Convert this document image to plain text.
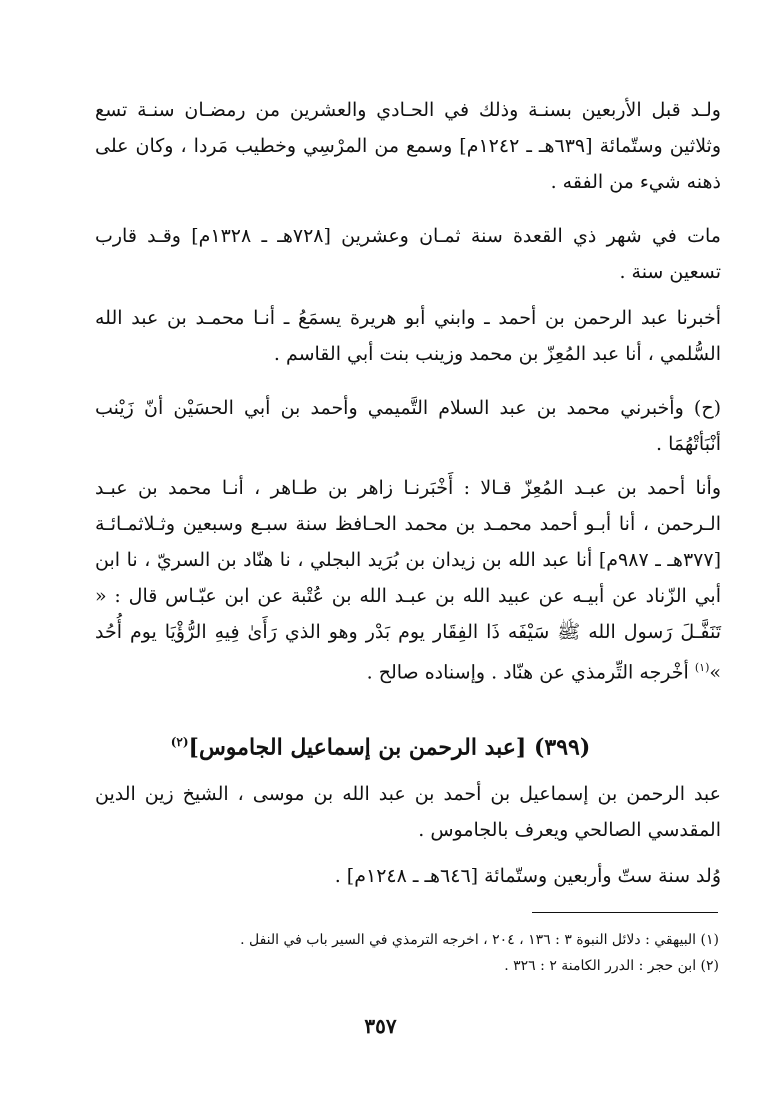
ولـد قبل الأربعين بسنـة وذلك في الحـادي والعشرين من رمضـان سنـة تسع وثلاثين وستّمائة [٦٣٩هـ ـ ١٢٤٢م] وسمع من المرْسِي وخطيب مَردا ، وكان على ذهنه شيء من الفقه .
مات في شهر ذي القعدة سنة ثمـان وعشرين [٧٢٨هـ ـ ١٣٢٨م] وقـد قارب تسعين سنة .
أخبرنا عبد الرحمن بن أحمد ـ وابني أبو هريرة يسمَعُ ـ أنـا محمـد بن عبد الله السُّلمي ، أنا عبد المُعِزّ بن محمد وزينب بنت أبي القاسم .
(ح) وأخبرني محمد بن عبد السلام التَّميمي وأحمد بن أبي الحسَيْن أنّ زَيْنب أنْبَأتْهُمَا .
وأنا أحمد بن عبـد المُعِزّ قـالا : أَخْبَرنـا زاهر بن طـاهر ، أنـا محمد بن عبـد الـرحمن ، أنا أبـو أحمد محمـد بن محمد الحـافظ سنة سبـع وسبعين وثـلاثمـائـة [٣٧٧هـ ـ ٩٨٧م] أنا عبد الله بن زيدان بن بُرَيد البجلي ، نا هنّاد بن السريّ ، نا ابن أبي الزّناد عن أبيـه عن عبيد الله بن عبـد الله بن عُتْبة عن ابن عبّـاس قال : « تَنَفَّـلَ رَسول الله ﷺ سَيْفَه ذَا الفِقَار يوم بَدْر وهو الذي رَأَىٰ فِيهِ الرُّؤْيَا يوم أُحُد »$^{(١)}$ أخْرجه التِّرمذي عن هنّاد . وإسناده صالح .
(٣٩٩) [عبد الرحمن بن إسماعيل الجاموس]$^{(٢)}$
عبد الرحمن بن إسماعيل بن أحمد بن عبد الله بن موسى ، الشيخ زين الدين المقدسي الصالحي ويعرف بالجاموس .
وُلد سنة ستّ وأربعين وستّمائة [٦٤٦هـ ـ ١٢٤٨م] .
(١) البيهقي : دلائل النبوة ٣ : ١٣٦ ، ٢٠٤ ، اخرجه الترمذي في السير باب في النفل .
(٢) ابن حجر : الدرر الكامنة ٢ : ٣٢٦ .
٣٥٧
